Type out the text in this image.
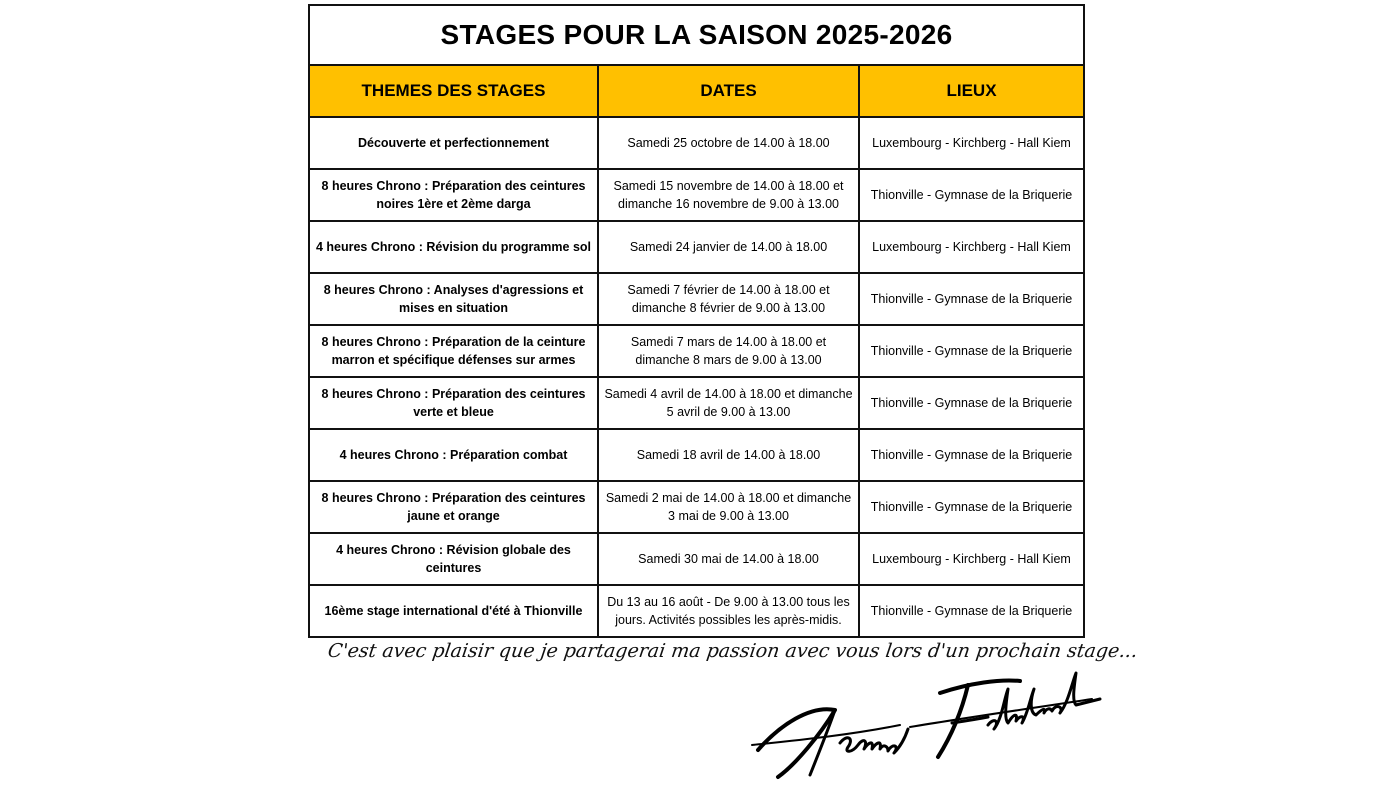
STAGES POUR LA SAISON 2025-2026		
THEMES DES STAGES	DATES	LIEUX
Découverte et perfectionnement	Samedi 25 octobre de 14.00 à 18.00	Luxembourg - Kirchberg - Hall Kiem
8 heures Chrono : Préparation des ceintures noires 1ère et 2ème darga	Samedi 15 novembre de 14.00 à 18.00 et dimanche 16 novembre de 9.00 à 13.00	Thionville - Gymnase de la Briquerie
4 heures Chrono : Révision du programme sol	Samedi 24 janvier de 14.00 à 18.00	Luxembourg - Kirchberg - Hall Kiem
8 heures Chrono : Analyses d'agressions et mises en situation	Samedi 7 février de 14.00 à 18.00 et dimanche 8 février de 9.00 à 13.00	Thionville - Gymnase de la Briquerie
8 heures Chrono : Préparation de la ceinture marron et spécifique défenses sur armes	Samedi 7 mars de 14.00 à 18.00 et dimanche 8 mars de 9.00 à 13.00	Thionville - Gymnase de la Briquerie
8 heures Chrono : Préparation des ceintures verte et bleue	Samedi 4 avril de 14.00 à 18.00 et dimanche 5 avril de 9.00 à 13.00	Thionville - Gymnase de la Briquerie
4 heures Chrono : Préparation combat	Samedi 18 avril de 14.00 à 18.00	Thionville - Gymnase de la Briquerie
8 heures Chrono : Préparation des ceintures jaune et orange	Samedi 2 mai de 14.00 à 18.00 et dimanche 3 mai de 9.00 à 13.00	Thionville - Gymnase de la Briquerie
4 heures Chrono : Révision globale des ceintures	Samedi 30 mai de 14.00 à 18.00	Luxembourg - Kirchberg - Hall Kiem
16ème stage international d'été à Thionville	Du 13 au 16 août - De 9.00 à 13.00 tous les jours. Activités possibles les après-midis.	Thionville - Gymnase de la Briquerie
C'est avec plaisir que je partagerai ma passion avec vous lors d'un prochain stage...
